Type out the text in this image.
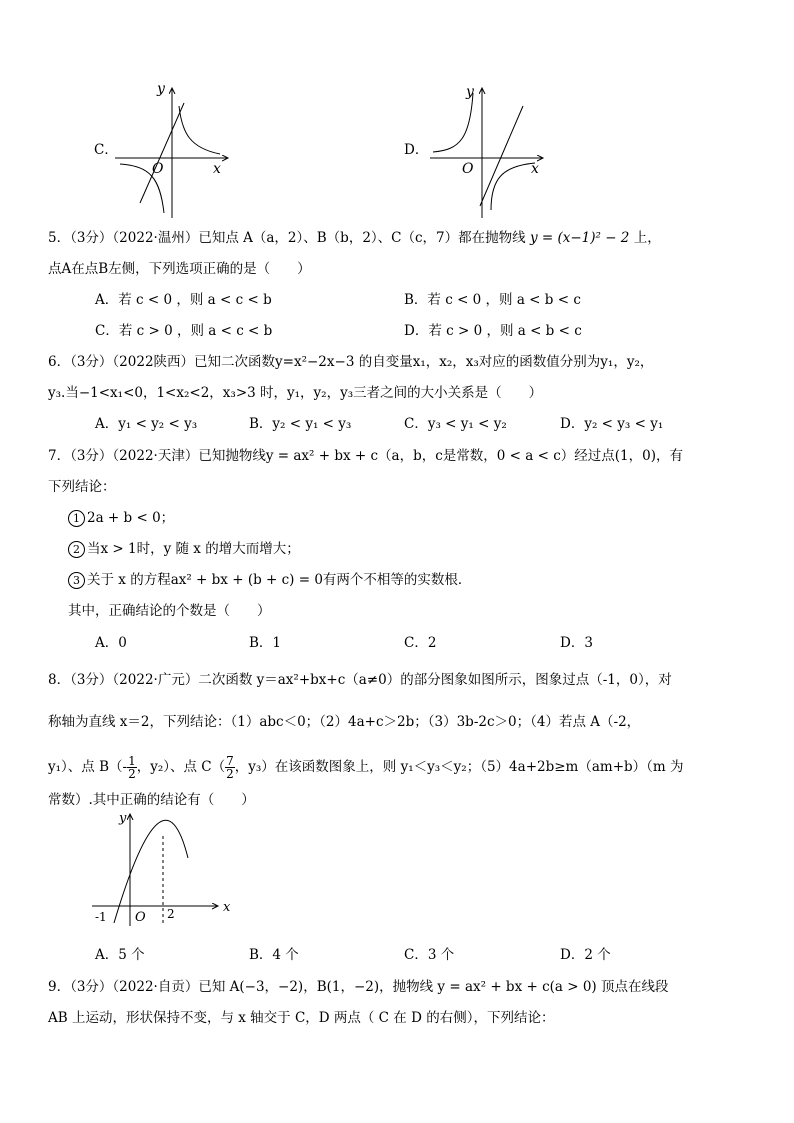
C．
y
x
O
D．
y
x
O
5．（3分）（2022·温州）已知点 A（a，2）、B（b，2）、C（c，7）都在抛物线 y = (x−1)² − 2 上，
点A在点B左侧，下列选项正确的是（　　）
A．若 c < 0 ，则 a < c < b	B．若 c < 0 ，则 a < b < c
C．若 c > 0 ，则 a < c < b	D．若 c > 0 ，则 a < b < c
6．（3分）（2022陕西）已知二次函数y=x²−2x−3 的自变量x₁，x₂，x₃对应的函数值分别为y₁，y₂，
y₃.当−1<x₁<0，1<x₂<2，x₃>3 时，y₁，y₂，y₃三者之间的大小关系是（　　）
A．y₁ < y₂ < y₃	B．y₂ < y₁ < y₃	C．y₃ < y₁ < y₂	D．y₂ < y₃ < y₁
7．（3分）（2022·天津）已知抛物线y = ax² + bx + c（a，b，c是常数，0 < a < c）经过点(1，0)，有
下列结论：
1 2a + b < 0；
2 当x > 1时，y 随 x 的增大而增大；
3 关于 x 的方程ax² + bx + (b + c) = 0有两个不相等的实数根．
其中，正确结论的个数是（　　）
A．0	B．1	C．2	D．3
8．（3分）（2022·广元）二次函数 y＝ax²+bx+c（a≠0）的部分图象如图所示，图象过点（-1，0），对
称轴为直线 x＝2，下列结论：（1）abc＜0；（2）4a+c＞2b；（3）3b-2c＞0；（4）若点 A（-2，
y₁）、点 $B(- \frac{1}{2}$ ，y₂）、点 $C( \frac{7}{2}$ ，y₃）在该函数图象上，则 y₁＜y₃＜y₂；（5）4a+2b≥m（am+b）（m 为
常数）.其中正确的结论有（　　）
y
x
O
-1	2
A．5 个	B．4 个	C．3 个	D．2 个
9．（3分）（2022·自贡）已知 A(−3，−2)，B(1，−2)，抛物线 y = ax² + bx + c(a > 0) 顶点在线段
AB 上运动，形状保持不变，与 x 轴交于 C，D 两点（ C 在 D 的右侧），下列结论：
